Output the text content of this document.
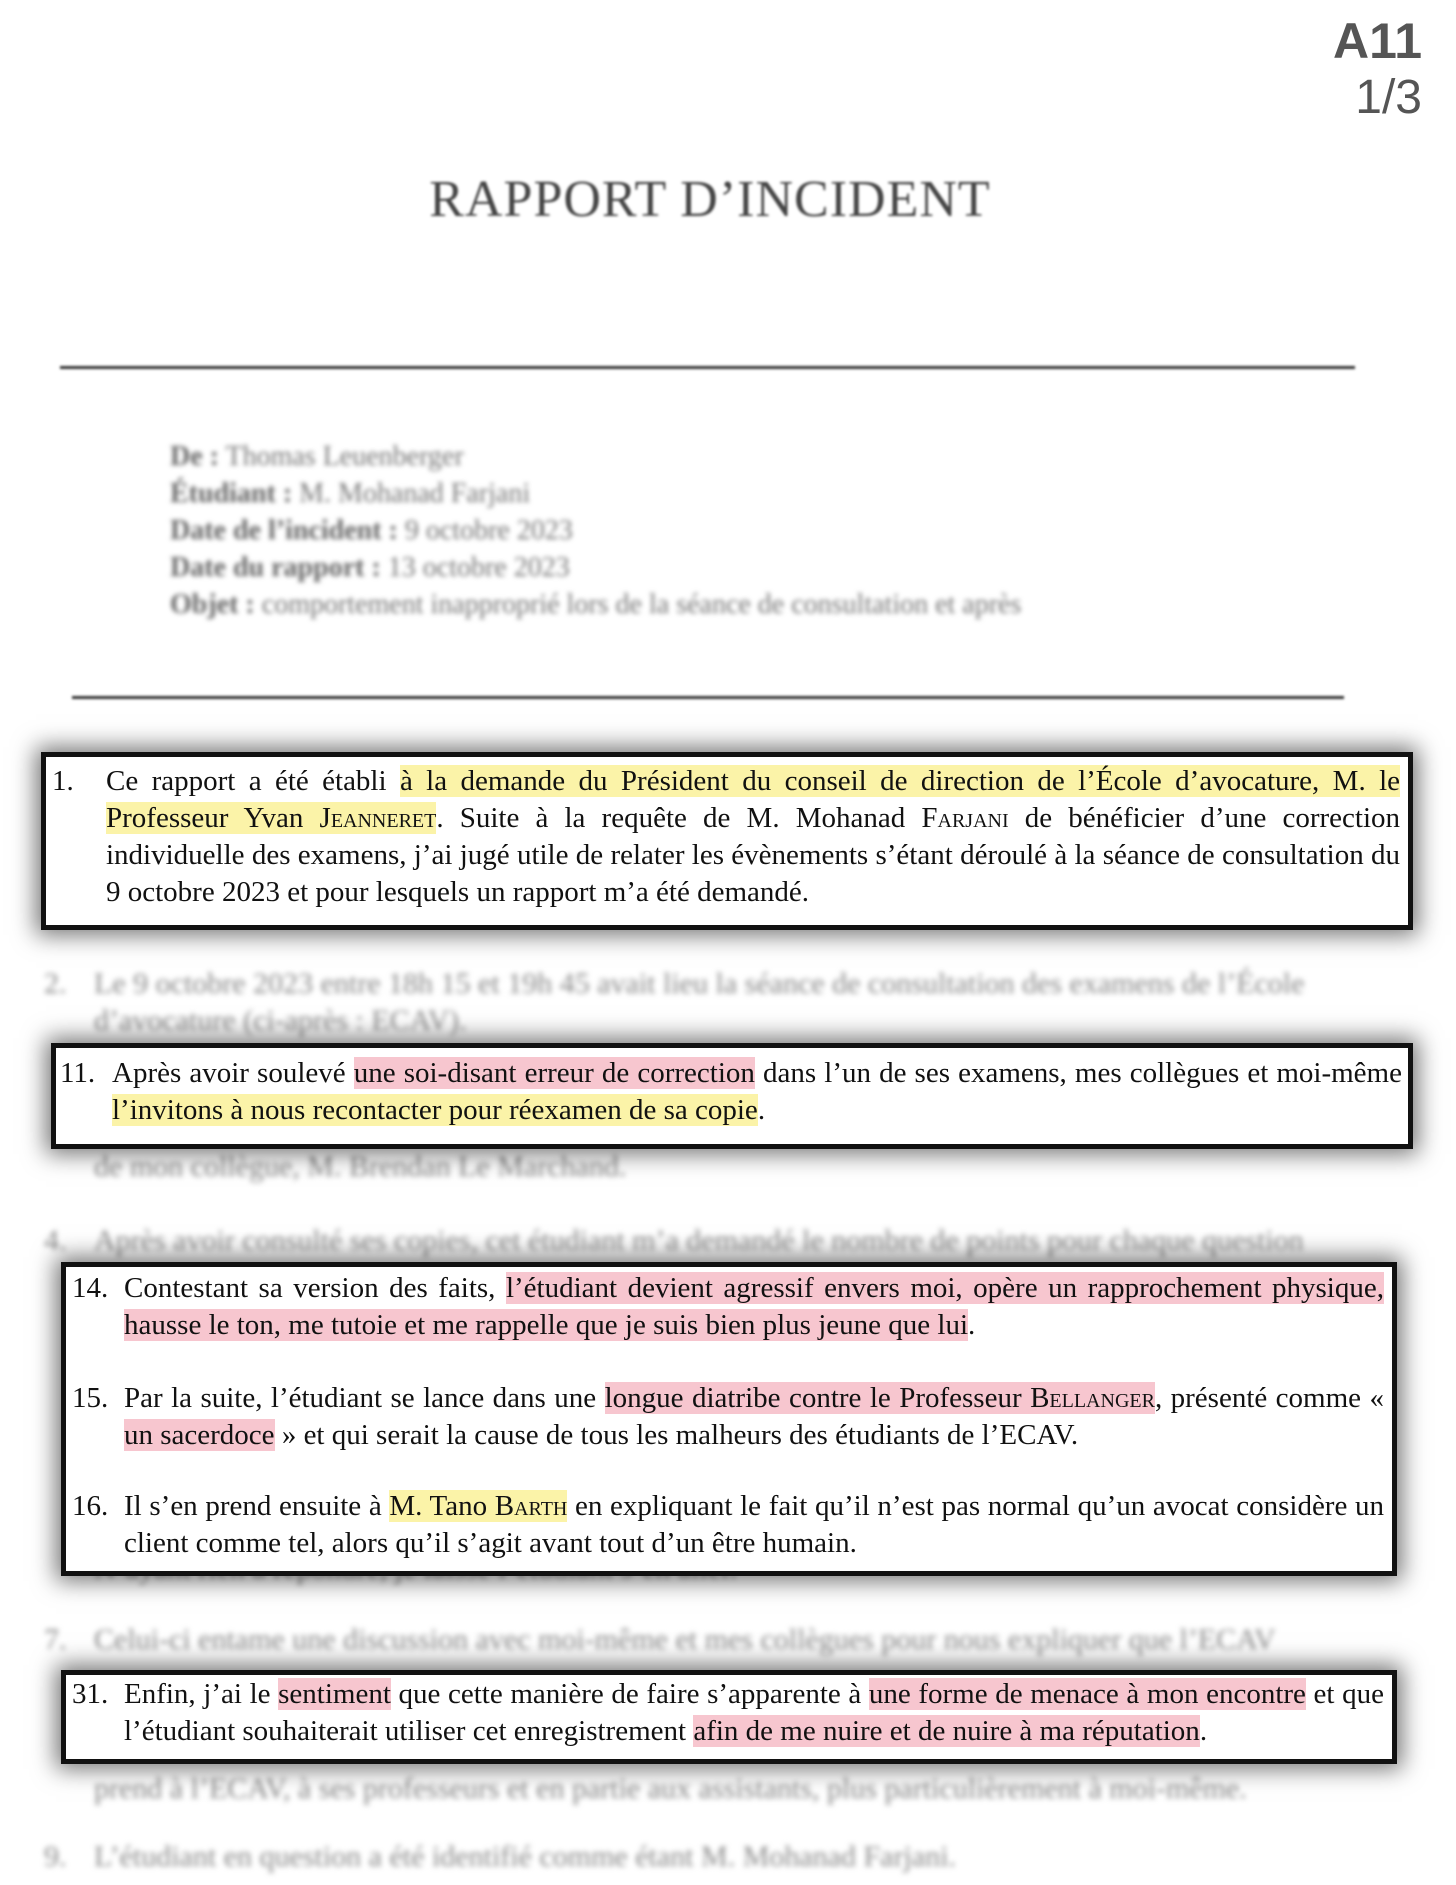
A11
1/3
RAPPORT D’INCIDENT
De : Thomas Leuenberger
Étudiant : M. Mohanad Farjani
Date de l’incident : 9 octobre 2023
Date du rapport : 13 octobre 2023
Objet : comportement inapproprié lors de la séance de consultation et après
2. Le 9 octobre 2023 entre 18h 15 et 19h 45 avait lieu la séance de consultation des examens de l’École
d’avocature (ci-après : ECAV).
de mon collègue, M. Brendan Le Marchand.
4. Après avoir consulté ses copies, cet étudiant m’a demandé le nombre de points pour chaque question
7. Celui-ci entame une discussion avec moi-même et mes collègues pour nous expliquer que l’ECAV
prend à l’ECAV, à ses professeurs et en partie aux assistants, plus particulièrement à moi-même.
9. L’étudiant en question a été identifié comme étant M. Mohanad Farjani.
1. Ce rapport a été établi à la demande du Président du conseil de direction de l’École d’avocature, M. le Professeur Yvan Jeanneret. Suite à la requête de M. Mohanad Farjani de bénéficier d’une correction individuelle des examens, j’ai jugé utile de relater les évènements s’étant déroulé à la séance de consultation du 9 octobre 2023 et pour lesquels un rapport m’a été demandé.
11. Après avoir soulevé une soi-disant erreur de correction dans l’un de ses examens, mes collègues et moi-même l’invitons à nous recontacter pour réexamen de sa copie.
14. Contestant sa version des faits, l’étudiant devient agressif envers moi, opère un rapprochement physique, hausse le ton, me tutoie et me rappelle que je suis bien plus jeune que lui.
15. Par la suite, l’étudiant se lance dans une longue diatribe contre le Professeur Bellanger, présenté comme « un sacerdoce » et qui serait la cause de tous les malheurs des étudiants de l’ECAV.
16. Il s’en prend ensuite à M. Tano Barth en expliquant le fait qu’il n’est pas normal qu’un avocat considère un client comme tel, alors qu’il s’agit avant tout d’un être humain.
31. Enfin, j’ai le sentiment que cette manière de faire s’apparente à une forme de menace à mon encontre et que l’étudiant souhaiterait utiliser cet enregistrement afin de me nuire et de nuire à ma réputation.
